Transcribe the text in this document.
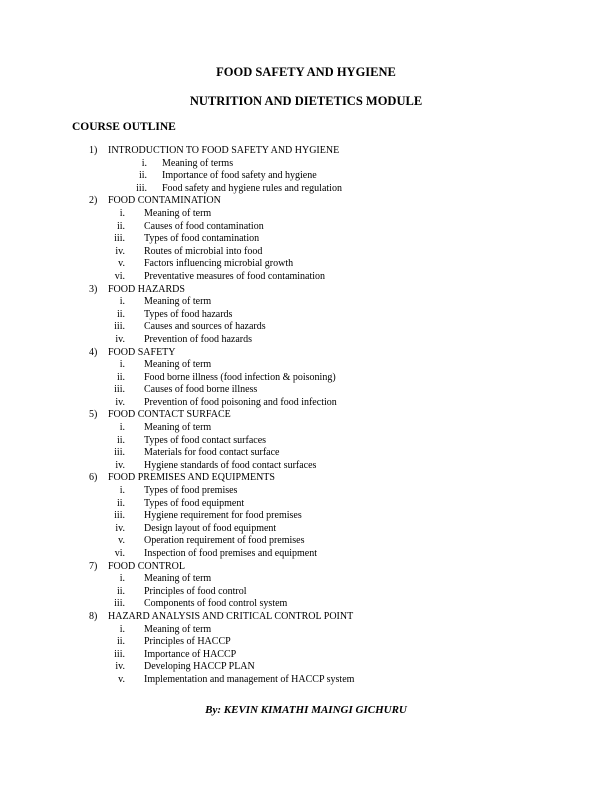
FOOD SAFETY AND HYGIENE
NUTRITION AND DIETETICS MODULE
COURSE OUTLINE
1)	INTRODUCTION TO FOOD SAFETY AND HYGIENE
i. Meaning of terms
ii. Importance of food safety and hygiene
iii. Food safety and hygiene rules and regulation
2)	FOOD CONTAMINATION
i. Meaning of term
ii. Causes of food contamination
iii. Types of food contamination
iv. Routes of microbial into food
v. Factors influencing microbial growth
vi. Preventative measures of food contamination
3)	FOOD HAZARDS
i. Meaning of term
ii. Types of food hazards
iii. Causes and sources of hazards
iv. Prevention of food hazards
4)	FOOD SAFETY
i. Meaning of term
ii. Food borne illness (food infection & poisoning)
iii. Causes of food borne illness
iv. Prevention of food poisoning and food infection
5)	FOOD CONTACT SURFACE
i. Meaning of term
ii. Types of food contact surfaces
iii. Materials for food contact surface
iv. Hygiene standards of food contact surfaces
6)	FOOD PREMISES AND EQUIPMENTS
i. Types of food premises
ii. Types of food equipment
iii. Hygiene requirement for food premises
iv. Design layout of food equipment
v. Operation requirement of food premises
vi. Inspection of food premises and equipment
7)	FOOD CONTROL
i. Meaning of term
ii. Principles of food control
iii. Components of food control system
8)	HAZARD ANALYSIS AND CRITICAL CONTROL POINT
i. Meaning of term
ii. Principles of HACCP
iii. Importance of HACCP
iv. Developing HACCP PLAN
v. Implementation and management of HACCP system
By: KEVIN KIMATHI MAINGI GICHURU
